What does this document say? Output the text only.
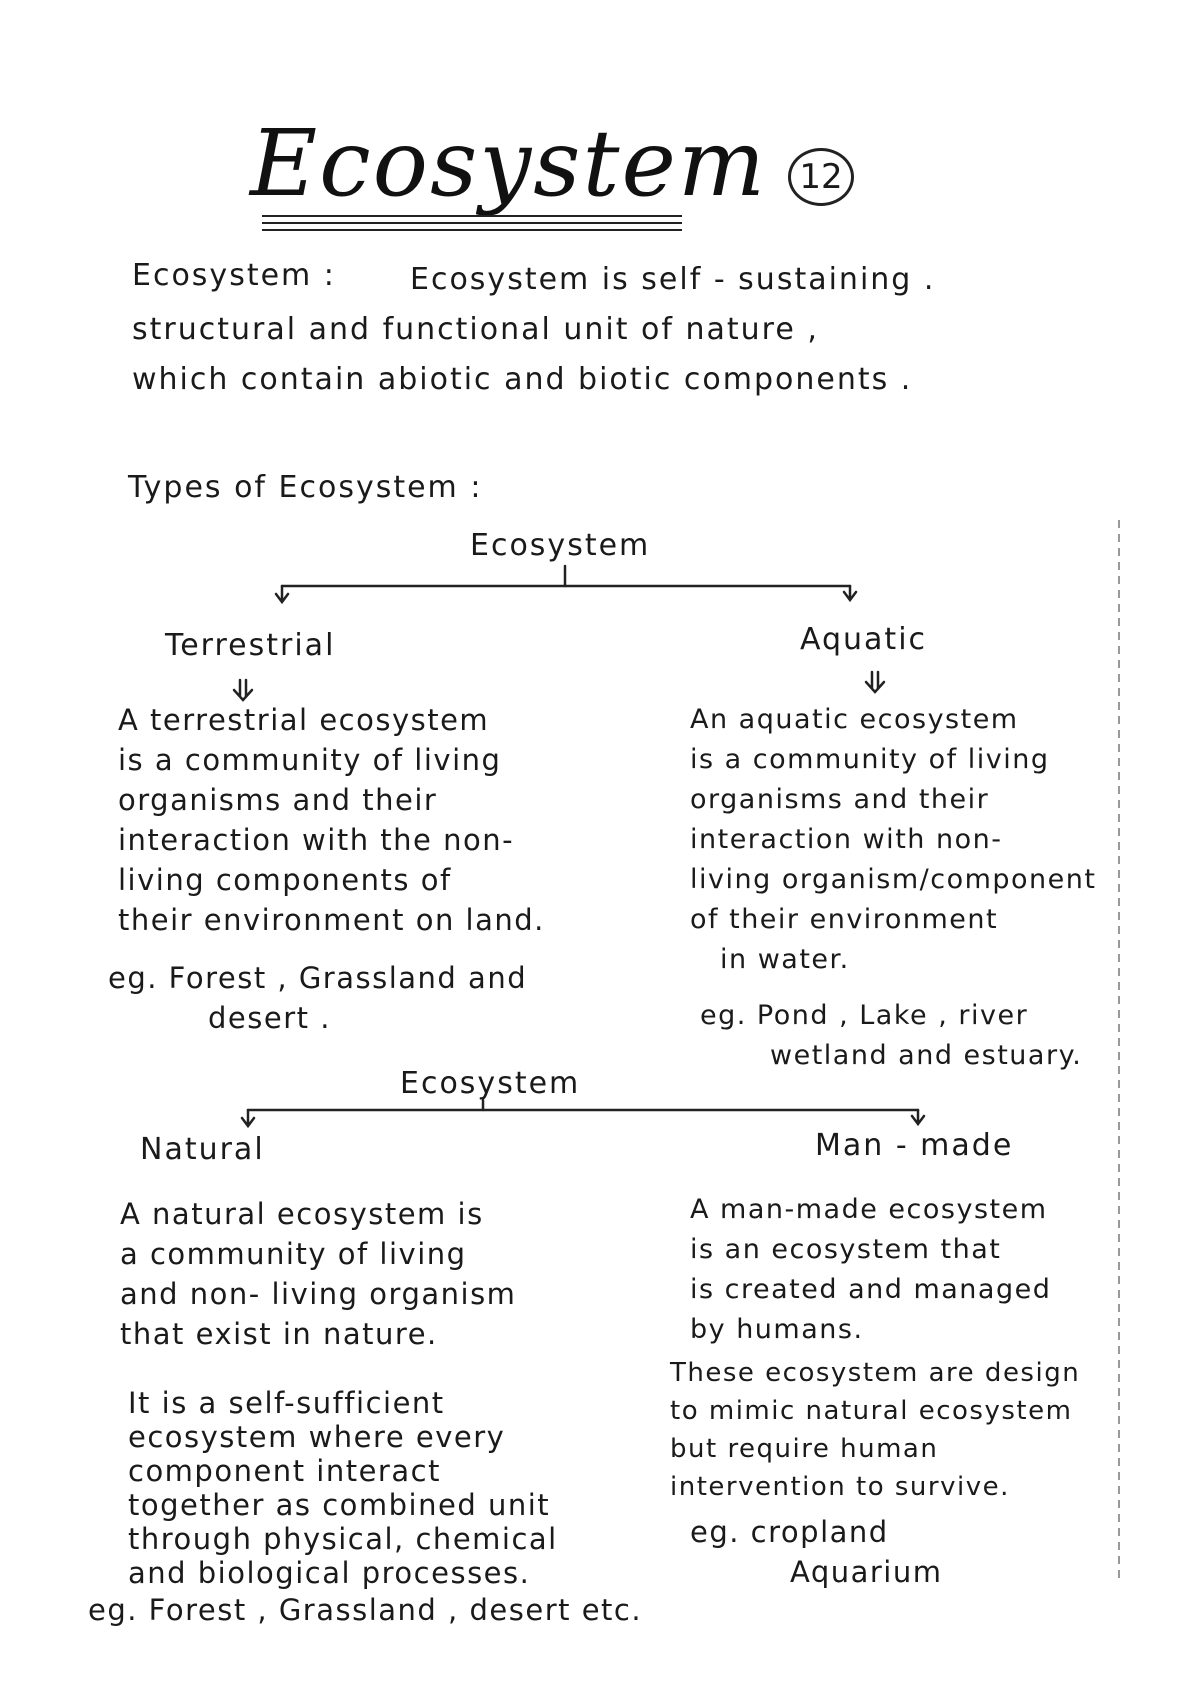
Ecosystem 12
Ecosystem : Ecosystem is self - sustaining .
structural and functional unit of nature ,
which contain abiotic and biotic components .
Types of Ecosystem :
Ecosystem
Terrestrial	Aquatic
A terrestrial ecosystem
is a community of living
organisms and their
interaction with the non-
living components of
their environment on land.
eg. Forest , Grassland and
desert .
An aquatic ecosystem
is a community of living
organisms and their
interaction with non-
living organism/component
of their environment
in water.
eg. Pond , Lake , river
wetland and estuary.
Ecosystem
Natural	Man - made
A natural ecosystem is
a community of living
and non- living organism
that exist in nature.
It is a self-sufficient
ecosystem where every
component interact
together as combined unit
through physical, chemical
and biological processes.
eg. Forest , Grassland , desert etc.
A man-made ecosystem
is an ecosystem that
is created and managed
by humans.
These ecosystem are design
to mimic natural ecosystem
but require human
intervention to survive.
eg. cropland
Aquarium
